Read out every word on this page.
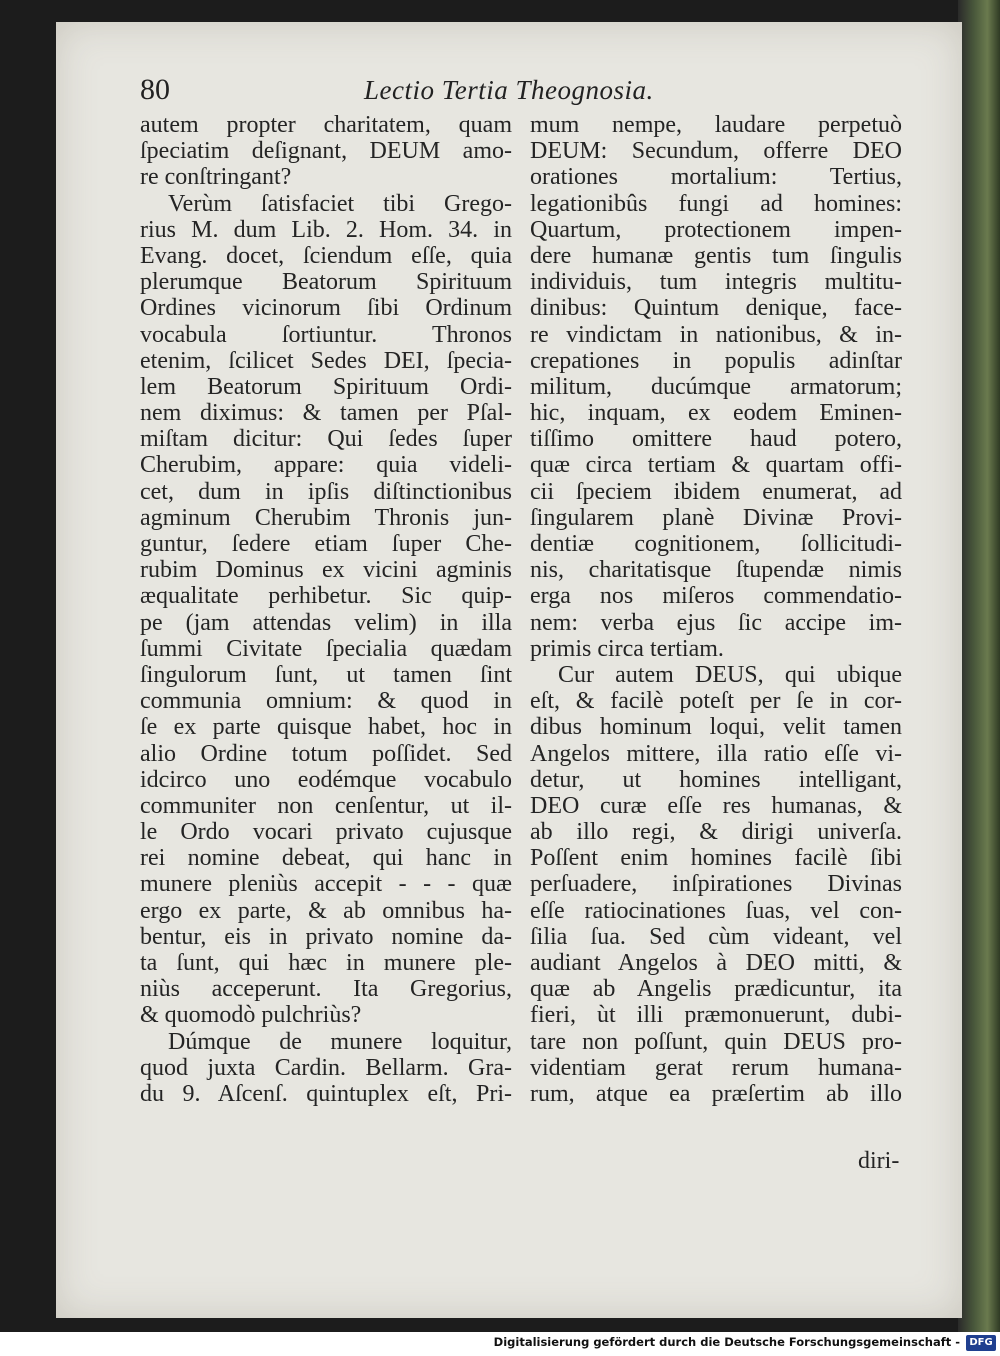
80	Lectio Tertia Theognosia.
autem propter charitatem, quam
ſpeciatim deſignant, DEUM amo-
re conſtringant?
Verùm ſatisfaciet tibi Grego-
rius M. dum Lib. 2. Hom. 34. in
Evang. docet, ſciendum eſſe, quia
plerumque Beatorum Spirituum
Ordines vicinorum ſibi Ordinum
vocabula ſortiuntur. Thronos
etenim, ſcilicet Sedes DEI, ſpecia-
lem Beatorum Spirituum Ordi-
nem diximus: & tamen per Pſal-
miſtam dicitur: Qui ſedes ſuper
Cherubim, appare: quia videli-
cet, dum in ipſis diſtinctionibus
agminum Cherubim Thronis jun-
guntur, ſedere etiam ſuper Che-
rubim Dominus ex vicini agminis
æqualitate perhibetur. Sic quip-
pe (jam attendas velim) in illa
ſummi Civitate ſpecialia quædam
ſingulorum ſunt, ut tamen ſint
communia omnium: & quod in
ſe ex parte quisque habet, hoc in
alio Ordine totum poſſidet. Sed
idcirco uno eodémque vocabulo
communiter non cenſentur, ut il-
le Ordo vocari privato cujusque
rei nomine debeat, qui hanc in
munere pleniùs accepit - - - quæ
ergo ex parte, & ab omnibus ha-
bentur, eis in privato nomine da-
ta ſunt, qui hæc in munere ple-
niùs acceperunt. Ita Gregorius,
& quomodò pulchriùs?
Dúmque de munere loquitur,
quod juxta Cardin. Bellarm. Gra-
du 9. Aſcenſ. quintuplex eſt, Pri-
mum nempe, laudare perpetuò
DEUM: Secundum, offerre DEO
orationes mortalium: Tertius,
legationibûs fungi ad homines:
Quartum, protectionem impen-
dere humanæ gentis tum ſingulis
individuis, tum integris multitu-
dinibus: Quintum denique, face-
re vindictam in nationibus, & in-
crepationes in populis adinſtar
militum, ducúmque armatorum;
hic, inquam, ex eodem Eminen-
tiſſimo omittere haud potero,
quæ circa tertiam & quartam offi-
cii ſpeciem ibidem enumerat, ad
ſingularem planè Divinæ Provi-
dentiæ cognitionem, ſollicitudi-
nis, charitatisque ſtupendæ nimis
erga nos miſeros commendatio-
nem: verba ejus ſic accipe im-
primis circa tertiam.
Cur autem DEUS, qui ubique
eſt, & facilè poteſt per ſe in cor-
dibus hominum loqui, velit tamen
Angelos mittere, illa ratio eſſe vi-
detur, ut homines intelligant,
DEO curæ eſſe res humanas, &
ab illo regi, & dirigi univerſa.
Poſſent enim homines facilè ſibi
perſuadere, inſpirationes Divinas
eſſe ratiocinationes ſuas, vel con-
ſilia ſua. Sed cùm videant, vel
audiant Angelos à DEO mitti, &
quæ ab Angelis prædicuntur, ita
fieri, ùt illi præmonuerunt, dubi-
tare non poſſunt, quin DEUS pro-
videntiam gerat rerum humana-
rum, atque ea præſertim ab illo
diri-
Digitalisierung gefördert durch die Deutsche Forschungsgemeinschaft - DFG
